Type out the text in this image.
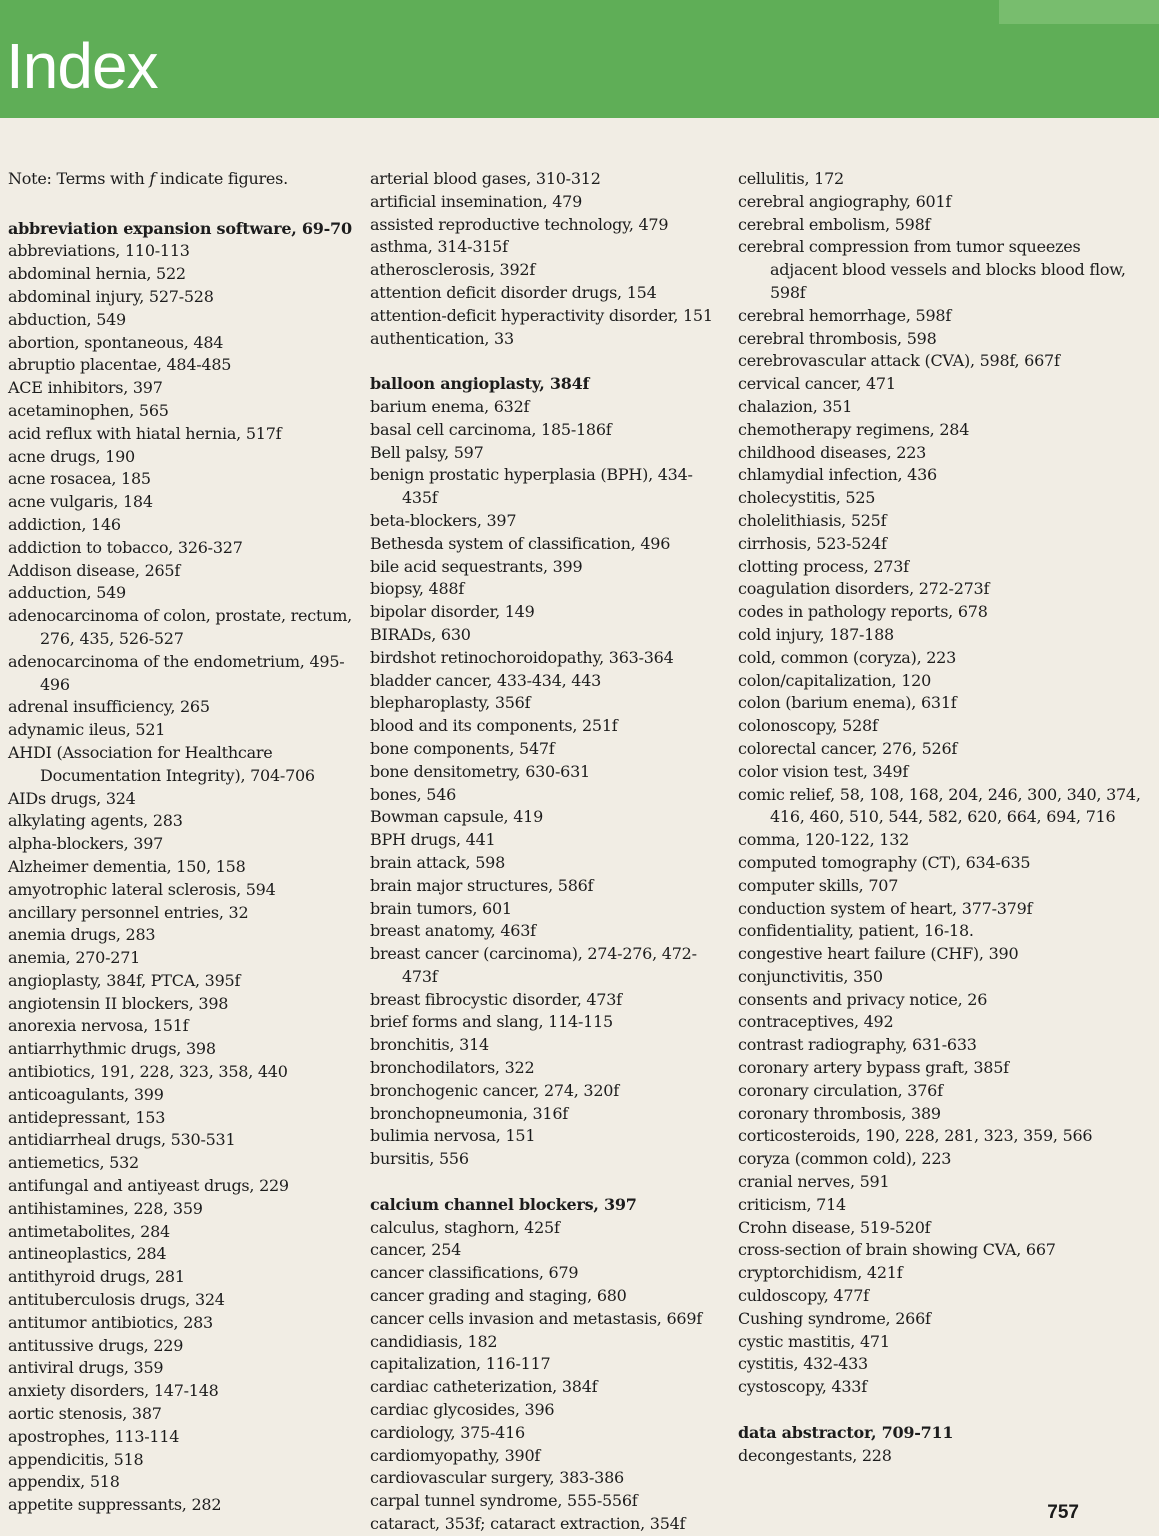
Index
Note: Terms with f indicate figures.
abbreviation expansion software, 69-70
abbreviations, 110-113
abdominal hernia, 522
abdominal injury, 527-528
abduction, 549
abortion, spontaneous, 484
abruptio placentae, 484-485
ACE inhibitors, 397
acetaminophen, 565
acid reflux with hiatal hernia, 517f
acne drugs, 190
acne rosacea, 185
acne vulgaris, 184
addiction, 146
addiction to tobacco, 326-327
Addison disease, 265f
adduction, 549
adenocarcinoma of colon, prostate, rectum, 276, 435, 526-527
adenocarcinoma of the endometrium, 495-496
adrenal insufficiency, 265
adynamic ileus, 521
AHDI (Association for Healthcare Documentation Integrity), 704-706
AIDs drugs, 324
alkylating agents, 283
alpha-blockers, 397
Alzheimer dementia, 150, 158
amyotrophic lateral sclerosis, 594
ancillary personnel entries, 32
anemia drugs, 283
anemia, 270-271
angioplasty, 384f, PTCA, 395f
angiotensin II blockers, 398
anorexia nervosa, 151f
antiarrhythmic drugs, 398
antibiotics, 191, 228, 323, 358, 440
anticoagulants, 399
antidepressant, 153
antidiarrheal drugs, 530-531
antiemetics, 532
antifungal and antiyeast drugs, 229
antihistamines, 228, 359
antimetabolites, 284
antineoplastics, 284
antithyroid drugs, 281
antituberculosis drugs, 324
antitumor antibiotics, 283
antitussive drugs, 229
antiviral drugs, 359
anxiety disorders, 147-148
aortic stenosis, 387
apostrophes, 113-114
appendicitis, 518
appendix, 518
appetite suppressants, 282
arterial blood gases, 310-312
artificial insemination, 479
assisted reproductive technology, 479
asthma, 314-315f
atherosclerosis, 392f
attention deficit disorder drugs, 154
attention-deficit hyperactivity disorder, 151
authentication, 33
balloon angioplasty, 384f
barium enema, 632f
basal cell carcinoma, 185-186f
Bell palsy, 597
benign prostatic hyperplasia (BPH), 434-435f
beta-blockers, 397
Bethesda system of classification, 496
bile acid sequestrants, 399
biopsy, 488f
bipolar disorder, 149
BIRADs, 630
birdshot retinochoroidopathy, 363-364
bladder cancer, 433-434, 443
blepharoplasty, 356f
blood and its components, 251f
bone components, 547f
bone densitometry, 630-631
bones, 546
Bowman capsule, 419
BPH drugs, 441
brain attack, 598
brain major structures, 586f
brain tumors, 601
breast anatomy, 463f
breast cancer (carcinoma), 274-276, 472-473f
breast fibrocystic disorder, 473f
brief forms and slang, 114-115
bronchitis, 314
bronchodilators, 322
bronchogenic cancer, 274, 320f
bronchopneumonia, 316f
bulimia nervosa, 151
bursitis, 556
calcium channel blockers, 397
calculus, staghorn, 425f
cancer, 254
cancer classifications, 679
cancer grading and staging, 680
cancer cells invasion and metastasis, 669f
candidiasis, 182
capitalization, 116-117
cardiac catheterization, 384f
cardiac glycosides, 396
cardiology, 375-416
cardiomyopathy, 390f
cardiovascular surgery, 383-386
carpal tunnel syndrome, 555-556f
cataract, 353f; cataract extraction, 354f
cellulitis, 172
cerebral angiography, 601f
cerebral embolism, 598f
cerebral compression from tumor squeezes adjacent blood vessels and blocks blood flow, 598f
cerebral hemorrhage, 598f
cerebral thrombosis, 598
cerebrovascular attack (CVA), 598f, 667f
cervical cancer, 471
chalazion, 351
chemotherapy regimens, 284
childhood diseases, 223
chlamydial infection, 436
cholecystitis, 525
cholelithiasis, 525f
cirrhosis, 523-524f
clotting process, 273f
coagulation disorders, 272-273f
codes in pathology reports, 678
cold injury, 187-188
cold, common (coryza), 223
colon/capitalization, 120
colon (barium enema), 631f
colonoscopy, 528f
colorectal cancer, 276, 526f
color vision test, 349f
comic relief, 58, 108, 168, 204, 246, 300, 340, 374, 416, 460, 510, 544, 582, 620, 664, 694, 716
comma, 120-122, 132
computed tomography (CT), 634-635
computer skills, 707
conduction system of heart, 377-379f
confidentiality, patient, 16-18.
congestive heart failure (CHF), 390
conjunctivitis, 350
consents and privacy notice, 26
contraceptives, 492
contrast radiography, 631-633
coronary artery bypass graft, 385f
coronary circulation, 376f
coronary thrombosis, 389
corticosteroids, 190, 228, 281, 323, 359, 566
coryza (common cold), 223
cranial nerves, 591
criticism, 714
Crohn disease, 519-520f
cross-section of brain showing CVA, 667
cryptorchidism, 421f
culdoscopy, 477f
Cushing syndrome, 266f
cystic mastitis, 471
cystitis, 432-433
cystoscopy, 433f
data abstractor, 709-711
decongestants, 228
757
